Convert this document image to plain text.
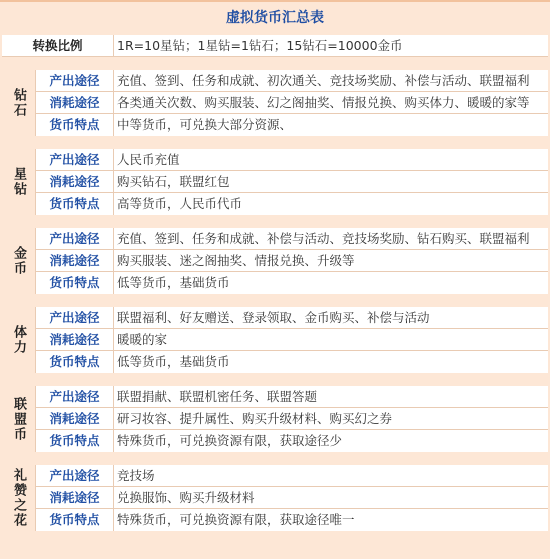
虚拟货币汇总表
转换比例	1R=10星钻；1星钻=1钻石；15钻石=10000金币
钻石
产出途径	充值、签到、任务和成就、初次通关、竞技场奖励、补偿与活动、联盟福利
消耗途径	各类通关次数、购买服装、幻之阁抽奖、情报兑换、购买体力、暖暖的家等
货币特点	中等货币，可兑换大部分资源、
星钻
产出途径	人民币充值
消耗途径	购买钻石，联盟红包
货币特点	高等货币，人民币代币
金币
产出途径	充值、签到、任务和成就、补偿与活动、竞技场奖励、钻石购买、联盟福利
消耗途径	购买服装、迷之阁抽奖、情报兑换、升级等
货币特点	低等货币，基础货币
体力
产出途径	联盟福利、好友赠送、登录领取、金币购买、补偿与活动
消耗途径	暖暖的家
货币特点	低等货币，基础货币
联盟币	产出途径	联盟捐献、联盟机密任务、联盟答题
消耗途径	研习妆容、提升属性、购买升级材料、购买幻之券
货币特点	特殊货币，可兑换资源有限，获取途径少
礼赞之花	产出途径	竞技场
消耗途径	兑换服饰、购买升级材料
货币特点	特殊货币，可兑换资源有限，获取途径唯一
